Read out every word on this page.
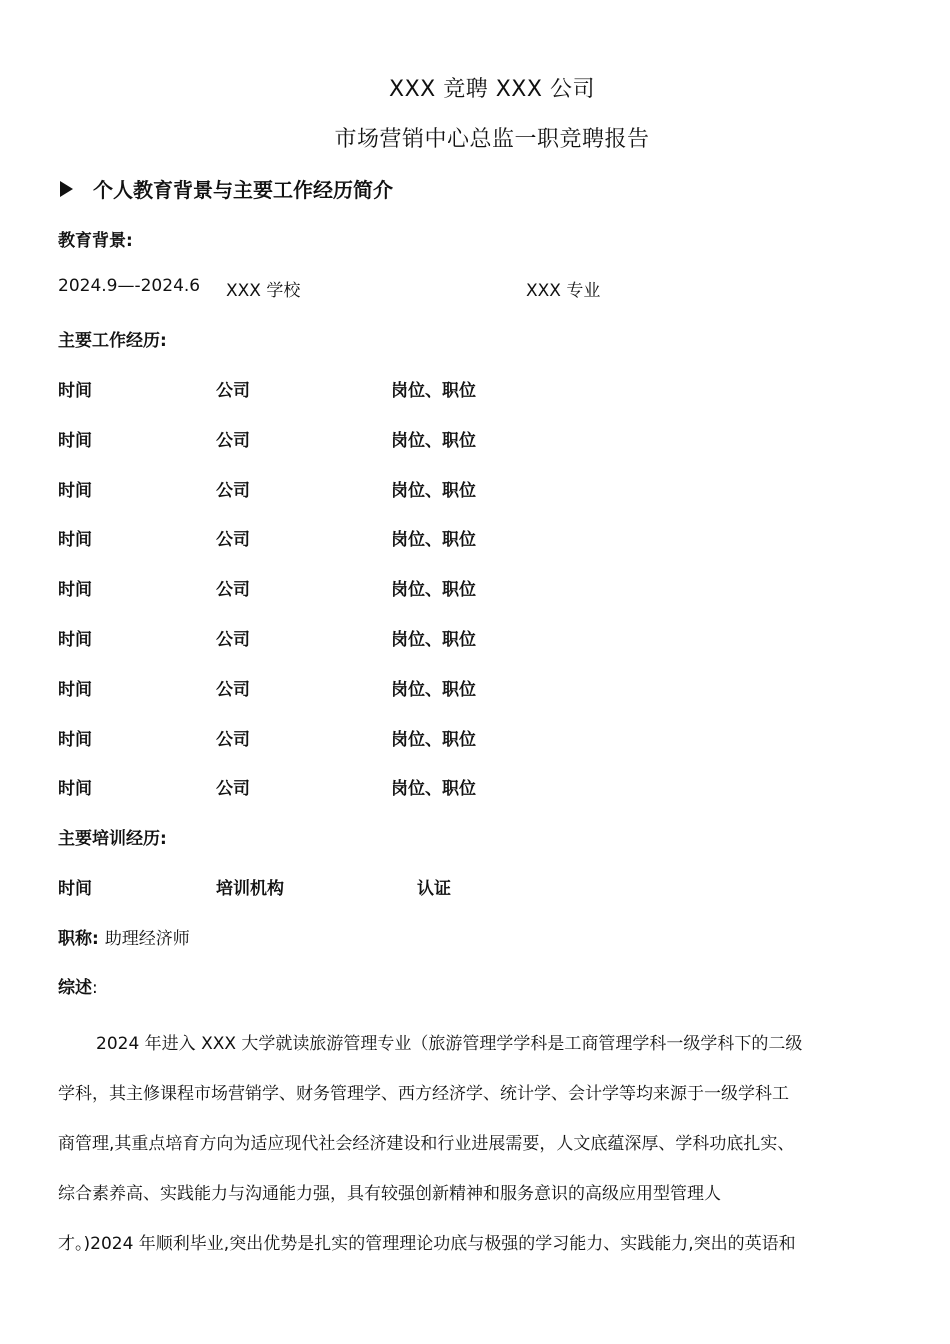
XXX 竞聘 XXX 公司
市场营销中心总监一职竞聘报告
个人教育背景与主要工作经历简介
教育背景:
2024.9—-2024.6 XXX 学校	XXX 专业
主要工作经历:
时间	公司	岗位、职位
时间	公司	岗位、职位
时间	公司	岗位、职位
时间	公司	岗位、职位
时间	公司	岗位、职位
时间	公司	岗位、职位
时间	公司	岗位、职位
时间	公司	岗位、职位
时间	公司	岗位、职位
主要培训经历:
时间	培训机构	认证
职称: 助理经济师
综述:
2024 年进入 XXX 大学就读旅游管理专业（旅游管理学学科是工商管理学科一级学科下的二级
学科，其主修课程市场营销学、财务管理学、西方经济学、统计学、会计学等均来源于一级学科工
商管理,其重点培育方向为适应现代社会经济建设和行业进展需要，人文底蕴深厚、学科功底扎实、
综合素养高、实践能力与沟通能力强，具有较强创新精神和服务意识的高级应用型管理人
才。)2024 年顺利毕业,突出优势是扎实的管理理论功底与极强的学习能力、实践能力,突出的英语和
